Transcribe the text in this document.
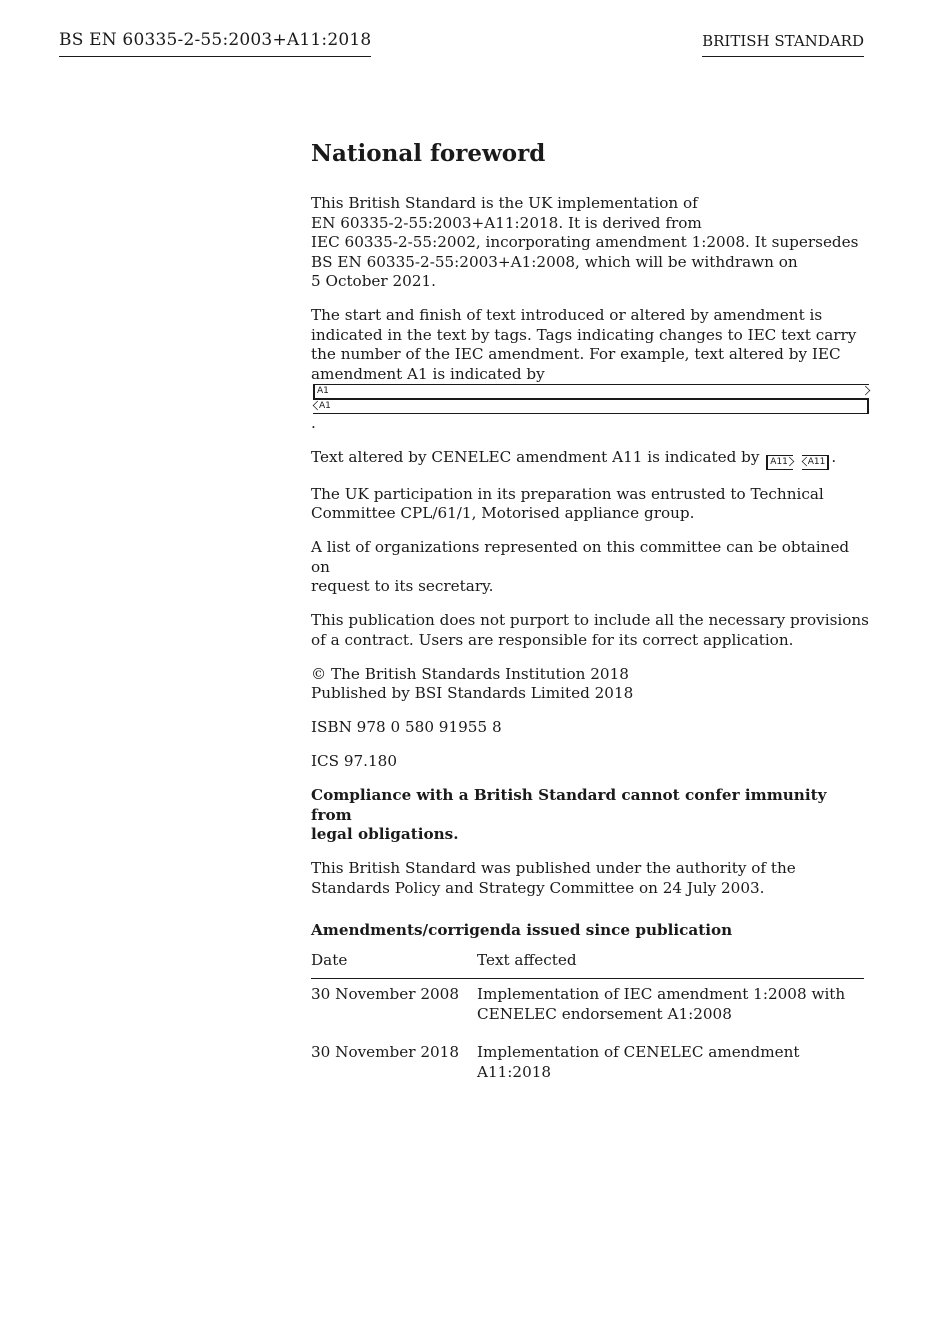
BS EN 60335-2-55:2003+A11:2018	BRITISH STANDARD
National foreword

This British Standard is the UK implementation of
EN 60335-2-55:2003+A11:2018. It is derived from
IEC 60335-2-55:2002, incorporating amendment 1:2008. It supersedes
BS EN 60335-2-55:2003+A1:2008, which will be withdrawn on
5 October 2021.

The start and finish of text introduced or altered by amendment is
indicated in the text by tags. Tags indicating changes to IEC text carry
the number of the IEC amendment. For example, text altered by IEC
amendment A1 is indicated by
A1
A1
.

Text altered by CENELEC amendment A11 is indicated by A11 A11 .

The UK participation in its preparation was entrusted to Technical
Committee CPL/61/1, Motorised appliance group.

A list of organizations represented on this committee can be obtained on
request to its secretary.

This publication does not purport to include all the necessary provisions
of a contract. Users are responsible for its correct application.

© The British Standards Institution 2018
Published by BSI Standards Limited 2018

ISBN 978 0 580 91955 8

ICS 97.180

Compliance with a British Standard cannot confer immunity from
legal obligations.

This British Standard was published under the authority of the
Standards Policy and Strategy Committee on 24 July 2003.

Amendments/corrigenda issued since publication
Date	Text affected
30 November 2008	Implementation of IEC amendment 1:2008 with
CENELEC endorsement A1:2008

30 November 2018	Implementation of CENELEC amendment A11:2018
